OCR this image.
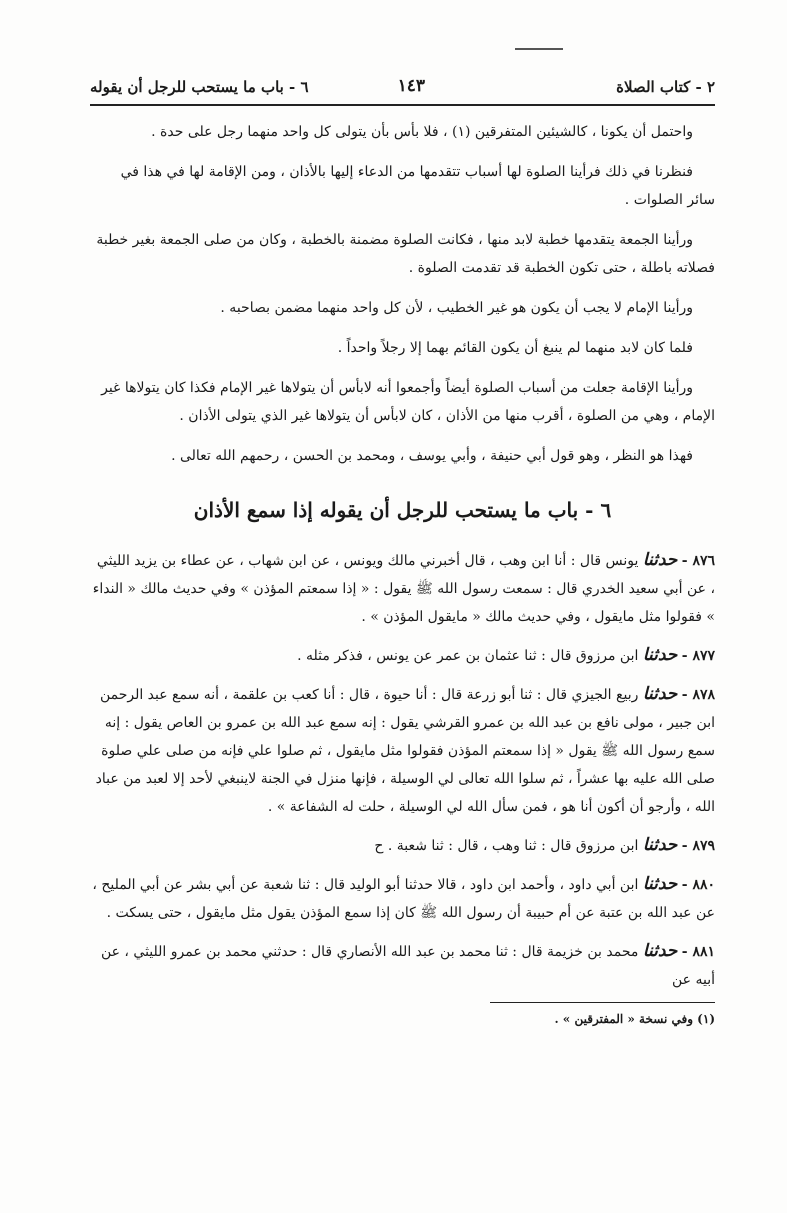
٢ - كتاب الصلاة
١٤٣
٦ - باب ما يستحب للرجل أن يقوله

واحتمل أن يكونا ، كالشيئين المتفرقين (١) ، فلا بأس بأن يتولى كل واحد منهما رجل على حدة .

فنظرنا في ذلك فرأينا الصلوة لها أسباب تتقدمها من الدعاء إليها بالأذان ، ومن الإقامة لها في هذا في سائر الصلوات .

ورأينا الجمعة يتقدمها خطبة لابد منها ، فكانت الصلوة مضمنة بالخطبة ، وكان من صلى الجمعة بغير خطبة فصلاته باطلة ، حتى تكون الخطبة قد تقدمت الصلوة .

ورأينا الإمام لا يجب أن يكون هو غير الخطيب ، لأن كل واحد منهما مضمن بصاحبه .

فلما كان لابد منهما لم ينبغ أن يكون القائم بهما إلا رجلاً واحداً .

ورأينا الإقامة جعلت من أسباب الصلوة أيضاً وأجمعوا أنه لابأس أن يتولاها غير الإمام فكذا كان يتولاها غير الإمام ، وهي من الصلوة ، أقرب منها من الأذان ، كان لابأس أن يتولاها غير الذي يتولى الأذان .

فهذا هو النظر ، وهو قول أبي حنيفة ، وأبي يوسف ، ومحمد بن الحسن ، رحمهم الله تعالى .

٦ - باب ما يستحب للرجل أن يقوله إذا سمع الأذان

٨٧٦ - حدثنا يونس قال : أنا ابن وهب ، قال أخبرني مالك ويونس ، عن ابن شهاب ، عن عطاء بن يزيد الليثي ، عن أبي سعيد الخدري قال : سمعت رسول الله ﷺ يقول : « إذا سمعتم المؤذن » وفي حديث مالك « النداء » فقولوا مثل مايقول ، وفي حديث مالك « مايقول المؤذن » .

٨٧٧ - حدثنا ابن مرزوق قال : ثنا عثمان بن عمر عن يونس ، فذكر مثله .

٨٧٨ - حدثنا ربيع الجيزي قال : ثنا أبو زرعة قال : أنا حيوة ، قال : أنا كعب بن علقمة ، أنه سمع عبد الرحمن ابن جبير ، مولى نافع بن عبد الله بن عمرو القرشي يقول : إنه سمع عبد الله بن عمرو بن العاص يقول : إنه سمع رسول الله ﷺ يقول « إذا سمعتم المؤذن فقولوا مثل مايقول ، ثم صلوا علي فإنه من صلى علي صلوة صلى الله عليه بها عشراً ، ثم سلوا الله تعالى لي الوسيلة ، فإنها منزل في الجنة لاينبغي لأحد إلا لعبد من عباد الله ، وأرجو أن أكون أنا هو ، فمن سأل الله لي الوسيلة ، حلت له الشفاعة » .

٨٧٩ - حدثنا ابن مرزوق قال : ثنا وهب ، قال : ثنا شعبة . ح

٨٨٠ - حدثنا ابن أبي داود ، وأحمد ابن داود ، قالا حدثنا أبو الوليد قال : ثنا شعبة عن أبي بشر عن أبي المليح ، عن عبد الله بن عتبة عن أم حبيبة أن رسول الله ﷺ كان إذا سمع المؤذن يقول مثل مايقول ، حتى يسكت .

٨٨١ - حدثنا محمد بن خزيمة قال : ثنا محمد بن عبد الله الأنصاري قال : حدثني محمد بن عمرو الليثي ، عن أبيه عن

(١) وفي نسخة « المفترقين » .
